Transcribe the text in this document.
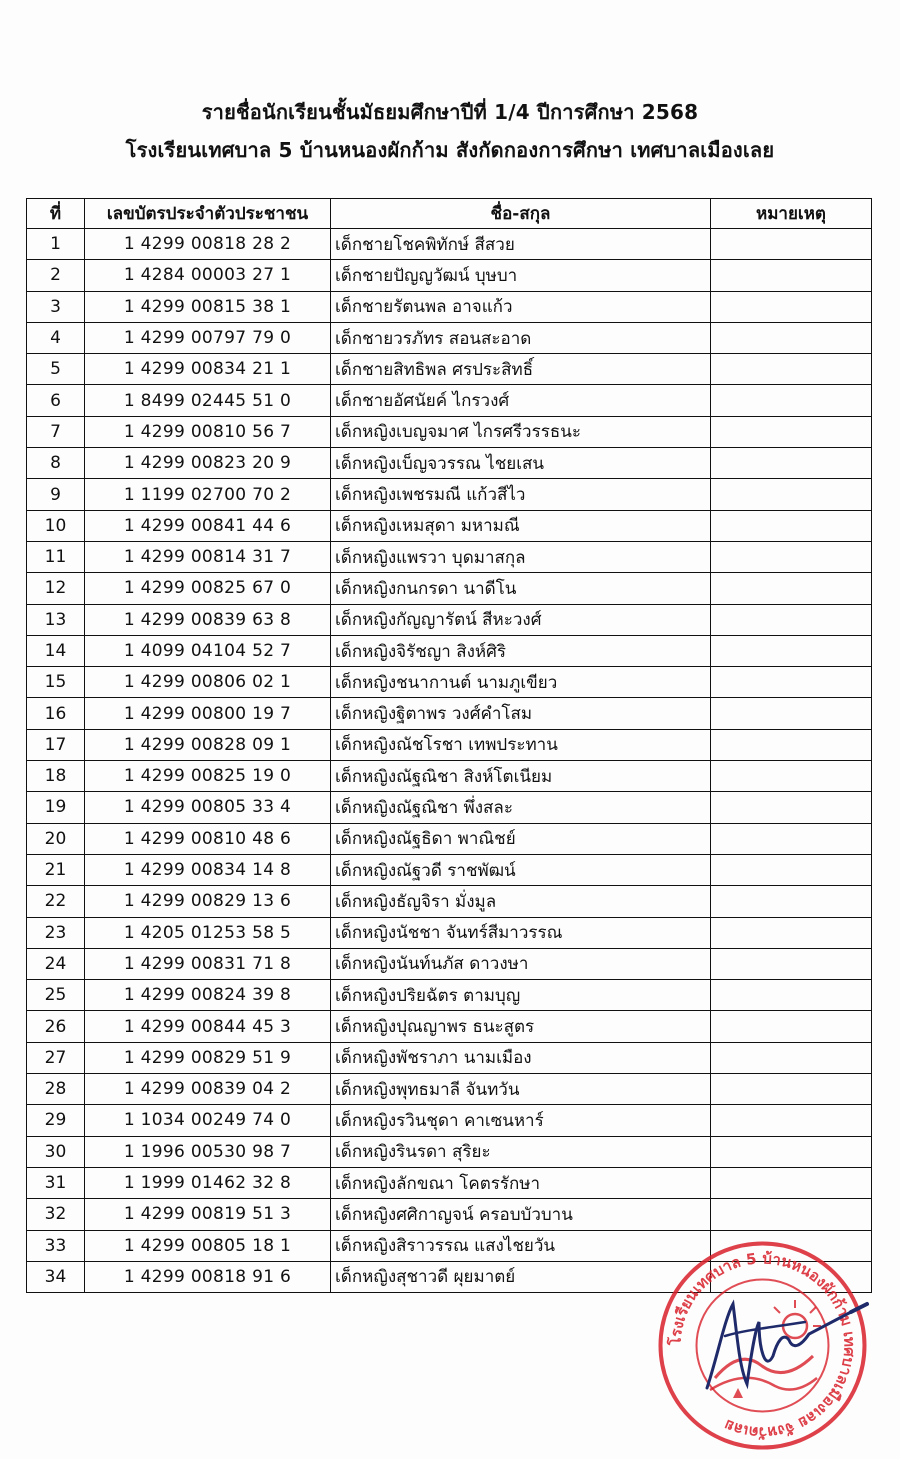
รายชื่อนักเรียนชั้นมัธยมศึกษาปีที่ 1/4 ปีการศึกษา 2568
โรงเรียนเทศบาล 5 บ้านหนองผักก้าม สังกัดกองการศึกษา เทศบาลเมืองเลย
ที่	เลขบัตรประจำตัวประชาชน	ชื่อ-สกุล	หมายเหตุ
1	1 4299 00818 28 2	เด็กชายโชคพิทักษ์ สีสวย	
2	1 4284 00003 27 1	เด็กชายปัญญวัฒน์ บุษบา	
3	1 4299 00815 38 1	เด็กชายรัตนพล อาจแก้ว	
4	1 4299 00797 79 0	เด็กชายวรภัทร สอนสะอาด	
5	1 4299 00834 21 1	เด็กชายสิทธิพล ศรประสิทธิ์	
6	1 8499 02445 51 0	เด็กชายอัศนัยค์ ไกรวงศ์	
7	1 4299 00810 56 7	เด็กหญิงเบญจมาศ ไกรศรีวรรธนะ	
8	1 4299 00823 20 9	เด็กหญิงเบ็ญจวรรณ ไชยเสน	
9	1 1199 02700 70 2	เด็กหญิงเพชรมณี แก้วสีไว	
10	1 4299 00841 44 6	เด็กหญิงเหมสุดา มหามณี	
11	1 4299 00814 31 7	เด็กหญิงแพรวา บุดมาสกุล	
12	1 4299 00825 67 0	เด็กหญิงกนกรดา นาดีโน	
13	1 4299 00839 63 8	เด็กหญิงกัญญารัตน์ สีหะวงศ์	
14	1 4099 04104 52 7	เด็กหญิงจิรัชญา สิงห์ศิริ	
15	1 4299 00806 02 1	เด็กหญิงชนากานต์ นามภูเขียว	
16	1 4299 00800 19 7	เด็กหญิงฐิตาพร วงศ์คำโสม	
17	1 4299 00828 09 1	เด็กหญิงณัชโรชา เทพประทาน	
18	1 4299 00825 19 0	เด็กหญิงณัฐณิชา สิงห์โตเนียม	
19	1 4299 00805 33 4	เด็กหญิงณัฐณิชา พึ่งสละ	
20	1 4299 00810 48 6	เด็กหญิงณัฐธิดา พาณิชย์	
21	1 4299 00834 14 8	เด็กหญิงณัฐวดี ราชพัฒน์	
22	1 4299 00829 13 6	เด็กหญิงธัญจิรา มั่งมูล	
23	1 4205 01253 58 5	เด็กหญิงนัชชา จันทร์สีมาวรรณ	
24	1 4299 00831 71 8	เด็กหญิงนันท์นภัส ดาวงษา	
25	1 4299 00824 39 8	เด็กหญิงปริยฉัตร ตามบุญ	
26	1 4299 00844 45 3	เด็กหญิงปุณญาพร ธนะสูตร	
27	1 4299 00829 51 9	เด็กหญิงพัชราภา นามเมือง	
28	1 4299 00839 04 2	เด็กหญิงพุทธมาลี จันทวัน	
29	1 1034 00249 74 0	เด็กหญิงรวินชุดา คาเซนหาร์	
30	1 1996 00530 98 7	เด็กหญิงรินรดา สุริยะ	
31	1 1999 01462 32 8	เด็กหญิงลักขณา โคตรรักษา	
32	1 4299 00819 51 3	เด็กหญิงศศิกาญจน์ ครอบบัวบาน	
33	1 4299 00805 18 1	เด็กหญิงสิราวรรณ แสงไชยวัน	
34	1 4299 00818 91 6	เด็กหญิงสุชาวดี ผุยมาตย์	
โรงเรียนเทศบาล 5 บ้านหนองผักก้าม เทศบาลเมืองเลย จังหวัดเลย
